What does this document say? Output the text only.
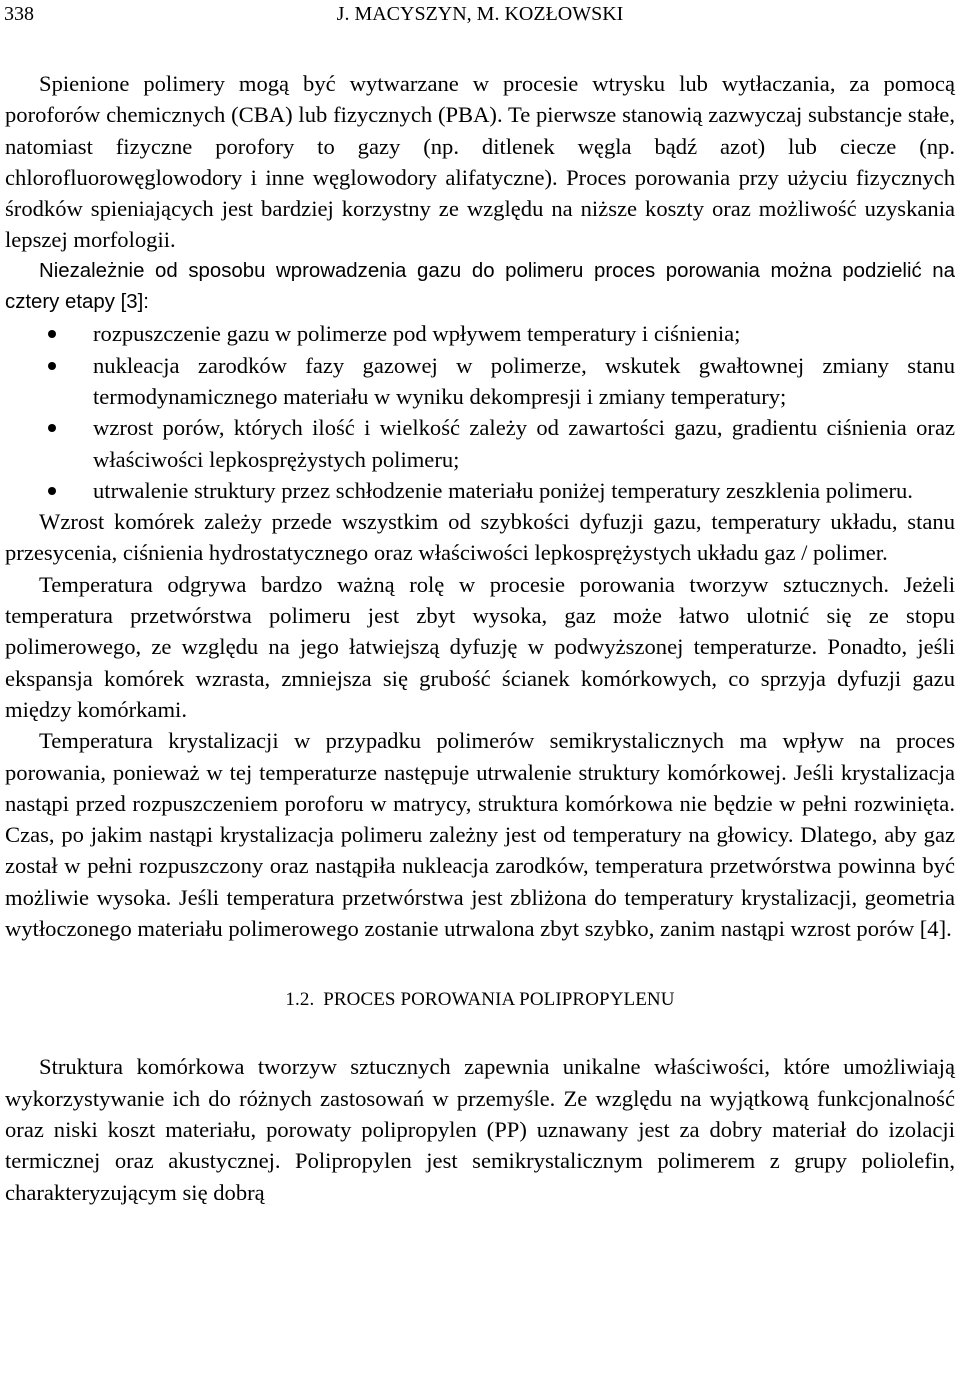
338	J. MACYSZYN, M. KOZŁOWSKI

Spienione polimery mogą być wytwarzane w procesie wtrysku lub wytłaczania, za pomocą poroforów chemicznych (CBA) lub fizycznych (PBA). Te pierwsze stanowią zazwyczaj substancje stałe, natomiast fizyczne porofory to gazy (np. ditlenek węgla bądź azot) lub ciecze (np. chlorofluorowęglowodory i inne węglowodory alifatyczne). Proces porowania przy użyciu fizycznych środków spieniających jest bardziej korzystny ze względu na niższe koszty oraz możliwość uzyskania lepszej morfologii.

Niezależnie od sposobu wprowadzenia gazu do polimeru proces porowania można podzielić na cztery etapy [3]:

rozpuszczenie gazu w polimerze pod wpływem temperatury i ciśnienia;
nukleacja zarodków fazy gazowej w polimerze, wskutek gwałtownej zmiany stanu termodynamicznego materiału w wyniku dekompresji i zmiany temperatury;
wzrost porów, których ilość i wielkość zależy od zawartości gazu, gradientu ciśnienia oraz właściwości lepkosprężystych polimeru;
utrwalenie struktury przez schłodzenie materiału poniżej temperatury zeszklenia polimeru.

Wzrost komórek zależy przede wszystkim od szybkości dyfuzji gazu, temperatury układu, stanu przesycenia, ciśnienia hydrostatycznego oraz właściwości lepkosprężystych układu gaz / polimer.

Temperatura odgrywa bardzo ważną rolę w procesie porowania tworzyw sztucznych. Jeżeli temperatura przetwórstwa polimeru jest zbyt wysoka, gaz może łatwo ulotnić się ze stopu polimerowego, ze względu na jego łatwiejszą dyfuzję w podwyższonej temperaturze. Ponadto, jeśli ekspansja komórek wzrasta, zmniejsza się grubość ścianek komórkowych, co sprzyja dyfuzji gazu między komórkami.

Temperatura krystalizacji w przypadku polimerów semikrystalicznych ma wpływ na proces porowania, ponieważ w tej temperaturze następuje utrwalenie struktury komórkowej. Jeśli krystalizacja nastąpi przed rozpuszczeniem poroforu w matrycy, struktura komórkowa nie będzie w pełni rozwinięta. Czas, po jakim nastąpi krystalizacja polimeru zależny jest od temperatury na głowicy. Dlatego, aby gaz został w pełni rozpuszczony oraz nastąpiła nukleacja zarodków, temperatura przetwórstwa powinna być możliwie wysoka. Jeśli temperatura przetwórstwa jest zbliżona do temperatury krystalizacji, geometria wytłoczonego materiału polimerowego zostanie utrwalona zbyt szybko, zanim nastąpi wzrost porów [4].

1.2. PROCES POROWANIA POLIPROPYLENU

Struktura komórkowa tworzyw sztucznych zapewnia unikalne właściwości, które umożliwiają wykorzystywanie ich do różnych zastosowań w przemyśle. Ze względu na wyjątkową funkcjonalność oraz niski koszt materiału, porowaty polipropylen (PP) uznawany jest za dobry materiał do izolacji termicznej oraz akustycznej. Polipropylen jest semikrystalicznym polimerem z grupy poliolefin, charakteryzującym się dobrą
